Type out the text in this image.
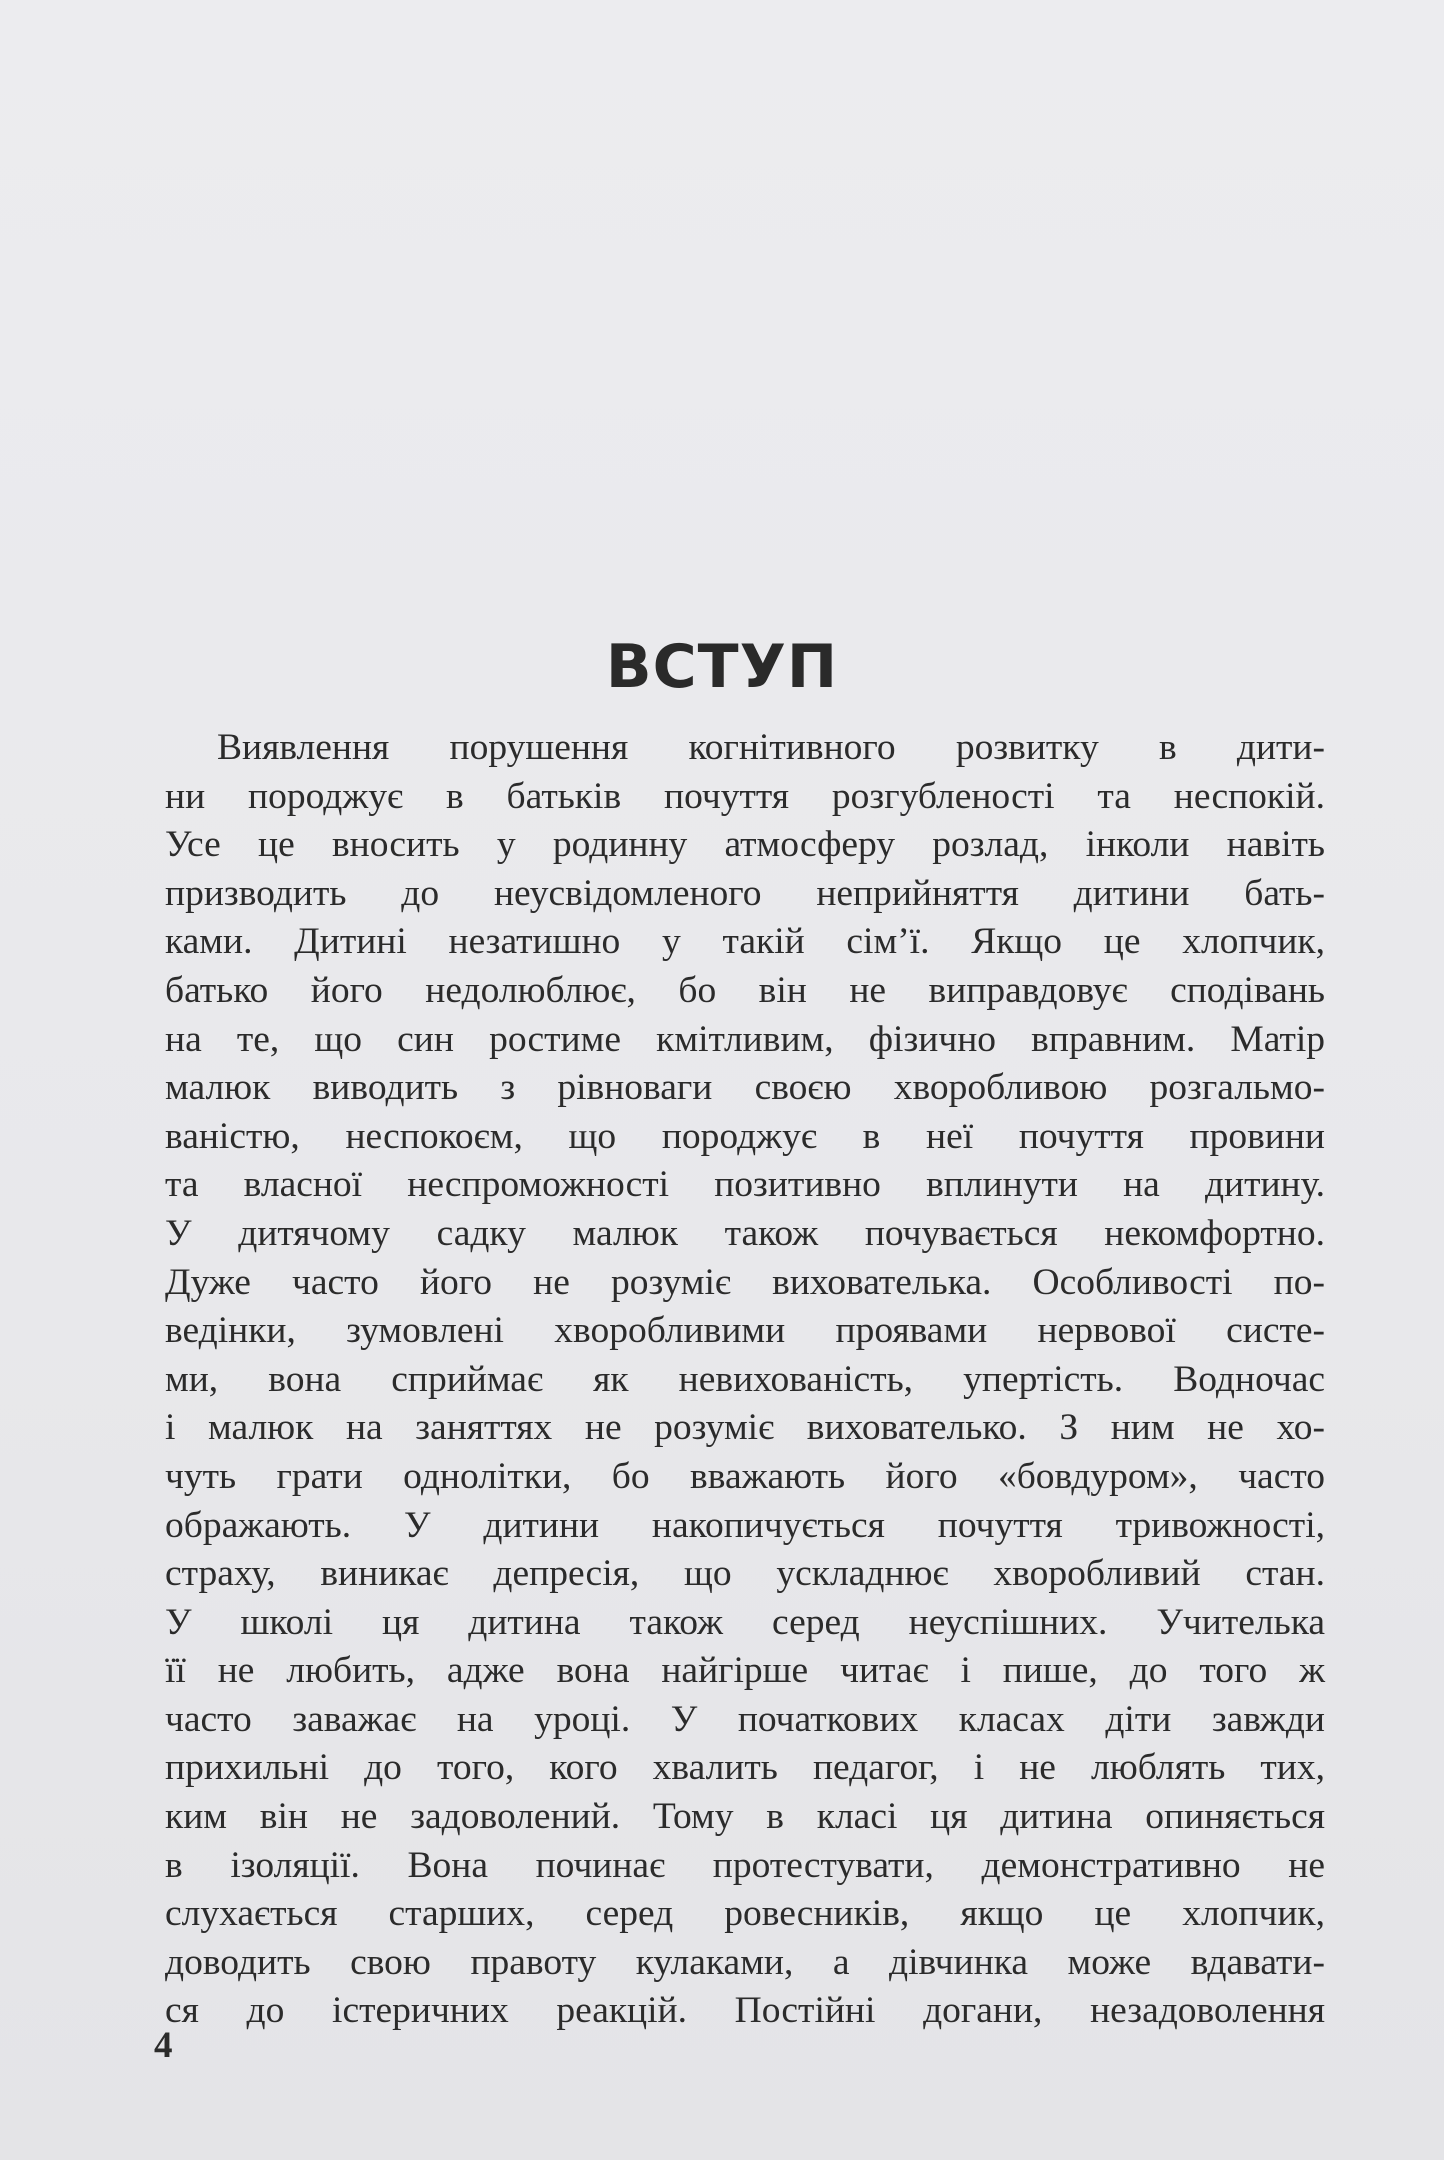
ВСТУП
Виявлення порушення когнітивного розвитку в дити-
ни породжує в батьків почуття розгубленості та неспокій.
Усе це вносить у родинну атмосферу розлад, інколи навіть
призводить до неусвідомленого неприйняття дитини бать-
ками. Дитині незатишно у такій сім’ї. Якщо це хлопчик,
батько його недолюблює, бо він не виправдовує сподівань
на те, що син ростиме кмітливим, фізично вправним. Матір
малюк виводить з рівноваги своєю хворобливою розгальмо-
ваністю, неспокоєм, що породжує в неї почуття провини
та власної неспроможності позитивно вплинути на дитину.
У дитячому садку малюк також почувається некомфортно.
Дуже часто його не розуміє вихователька. Особливості по-
ведінки, зумовлені хворобливими проявами нервової систе-
ми, вона сприймає як невихованість, упертість. Водночас
і малюк на заняттях не розуміє вихователько. З ним не хо-
чуть грати однолітки, бо вважають його «бовдуром», часто
ображають. У дитини накопичується почуття тривожності,
страху, виникає депресія, що ускладнює хворобливий стан.
У школі ця дитина також серед неуспішних. Учителька
її не любить, адже вона найгірше читає і пише, до того ж
часто заважає на уроці. У початкових класах діти завжди
прихильні до того, кого хвалить педагог, і не люблять тих,
ким він не задоволений. Тому в класі ця дитина опиняється
в ізоляції. Вона починає протестувати, демонстративно не
слухається старших, серед ровесників, якщо це хлопчик,
доводить свою правоту кулаками, а дівчинка може вдавати-
ся до істеричних реакцій. Постійні догани, незадоволення
4
